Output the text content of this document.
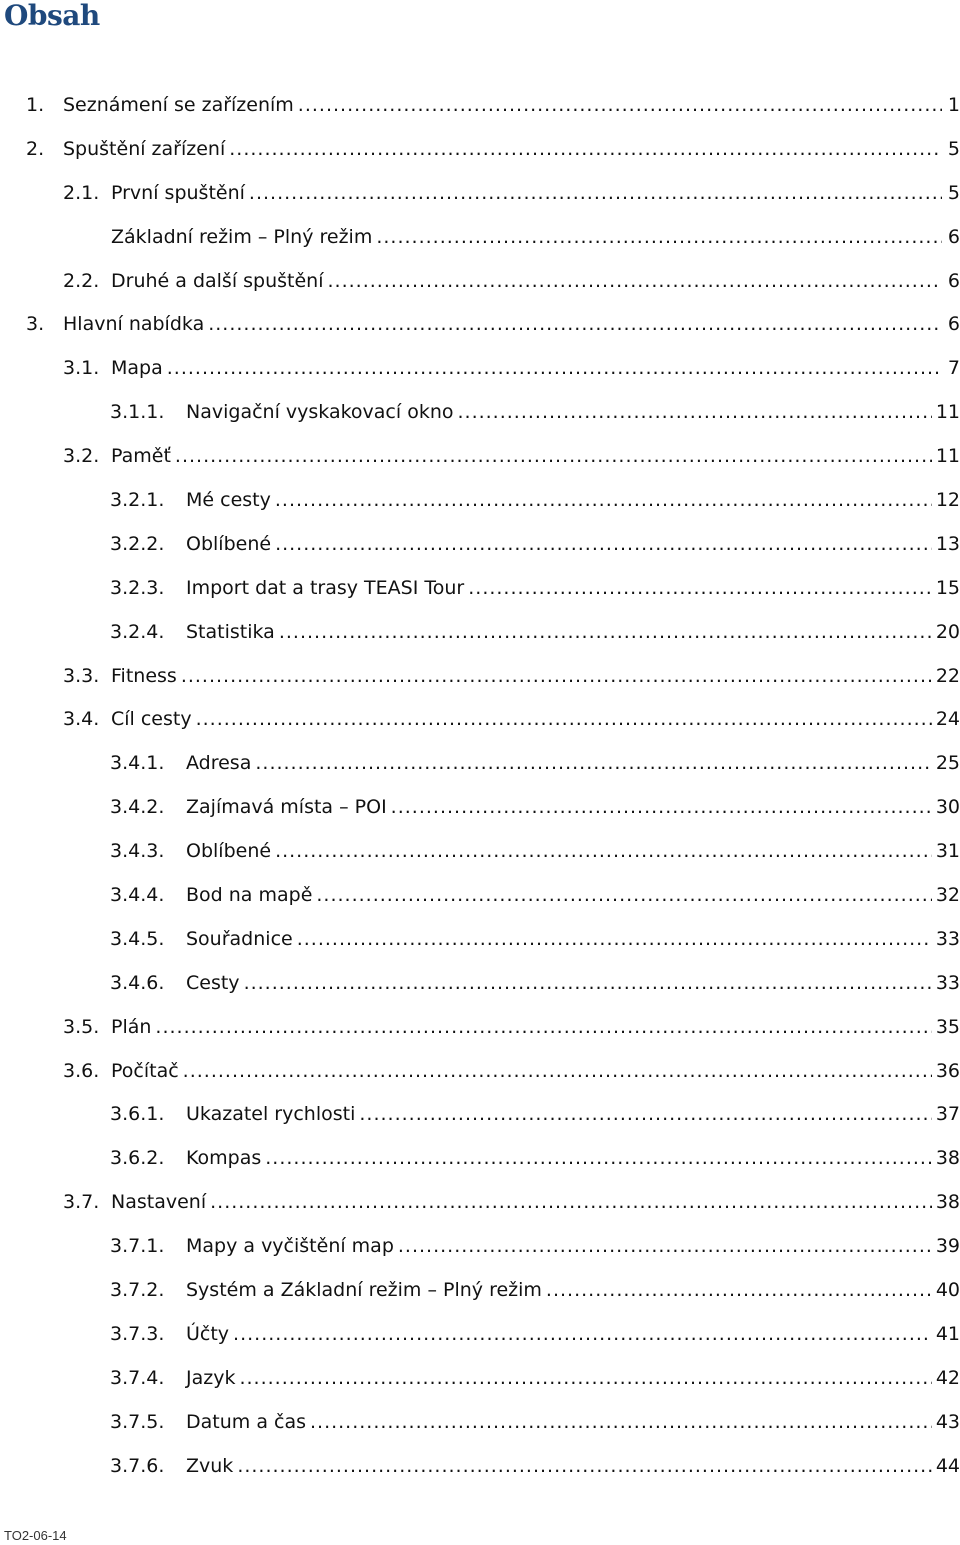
Obsah
1. Seznámení se zařízením .....	1
2. Spuštění zařízení .....	5
2.1. První spuštění .....	5
Základní režim – Plný režim .....	6
2.2. Druhé a další spuštění .....	6
3. Hlavní nabídka .....	6
3.1. Mapa .....	7
3.1.1. Navigační vyskakovací okno .....	11
3.2. Paměť .....	11
3.2.1. Mé cesty .....	12
3.2.2. Oblíbené .....	13
3.2.3. Import dat a trasy TEASI Tour .....	15
3.2.4. Statistika .....	20
3.3. Fitness .....	22
3.4. Cíl cesty .....	24
3.4.1. Adresa .....	25
3.4.2. Zajímavá místa – POI .....	30
3.4.3. Oblíbené .....	31
3.4.4. Bod na mapě .....	32
3.4.5. Souřadnice .....	33
3.4.6. Cesty .....	33
3.5. Plán .....	35
3.6. Počítač .....	36
3.6.1. Ukazatel rychlosti .....	37
3.6.2. Kompas .....	38
3.7. Nastavení .....	38
3.7.1. Mapy a vyčištění map .....	39
3.7.2. Systém a Základní režim – Plný režim .....	40
3.7.3. Účty .....	41
3.7.4. Jazyk .....	42
3.7.5. Datum a čas .....	43
3.7.6. Zvuk .....	44
TO2-06-14
